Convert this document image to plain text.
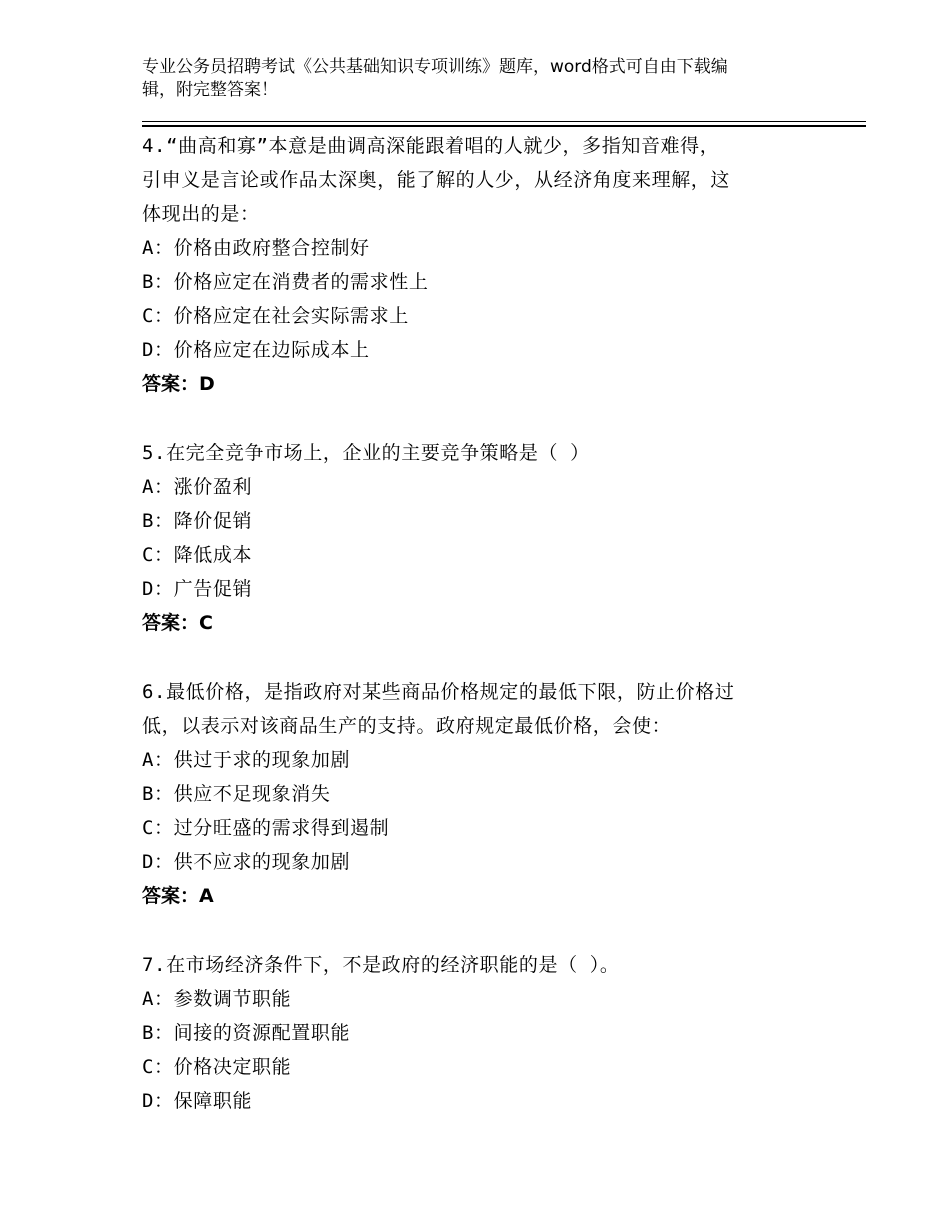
专业公务员招聘考试《公共基础知识专项训练》题库，word格式可自由下载编
辑，附完整答案！
4.“曲高和寡”本意是曲调高深能跟着唱的人就少，多指知音难得，
引申义是言论或作品太深奥，能了解的人少，从经济角度来理解，这
体现出的是：
A：价格由政府整合控制好
B：价格应定在消费者的需求性上
C：价格应定在社会实际需求上
D：价格应定在边际成本上
答案：D
5.在完全竞争市场上，企业的主要竞争策略是（ ）
A：涨价盈利
B：降价促销
C：降低成本
D：广告促销
答案：C
6.最低价格，是指政府对某些商品价格规定的最低下限，防止价格过
低，以表示对该商品生产的支持。政府规定最低价格，会使：
A：供过于求的现象加剧
B：供应不足现象消失
C：过分旺盛的需求得到遏制
D：供不应求的现象加剧
答案：A
7.在市场经济条件下，不是政府的经济职能的是（ ）。
A：参数调节职能
B：间接的资源配置职能
C：价格决定职能
D：保障职能
